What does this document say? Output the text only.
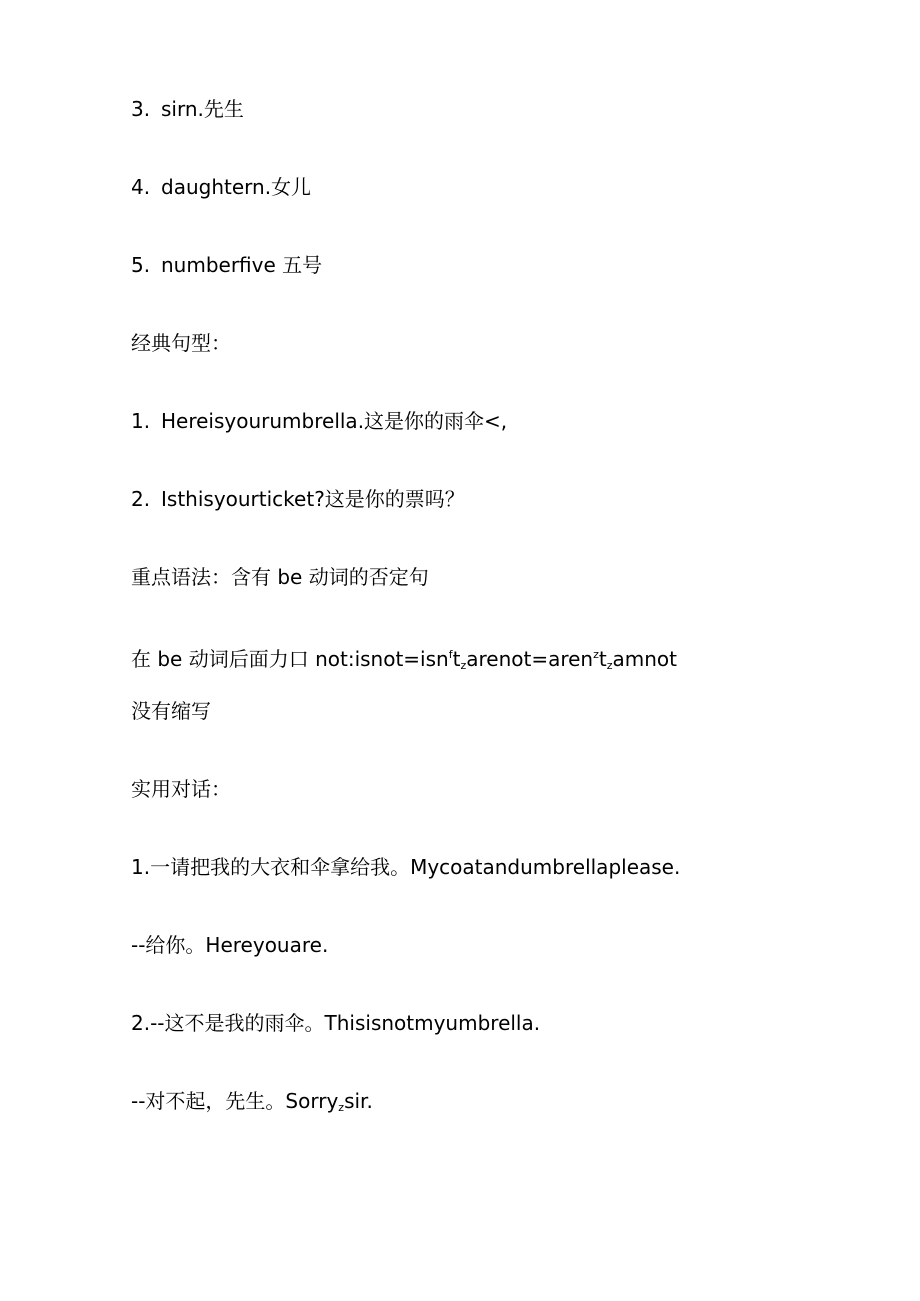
3. sirn.先生
4. daughtern.女儿
5. numberfive 五号
经典句型：
1. Hereisyourumbrella.这是你的雨伞<,
2. Isthisyourticket?这是你的票吗？
重点语法：含有 be 动词的否定句
在 be 动词后面力口 $not:isnot=isn^ft_zarenot=aren^zt_zamnot$
没有缩写
实用对话：
1.一请把我的大衣和伞拿给我。Mycoatandumbrellaplease.
--给你。Hereyouare.
2.--这不是我的雨伞。Thisisnotmyumbrella.
--对不起，先生。Sorry$_z$sir.
